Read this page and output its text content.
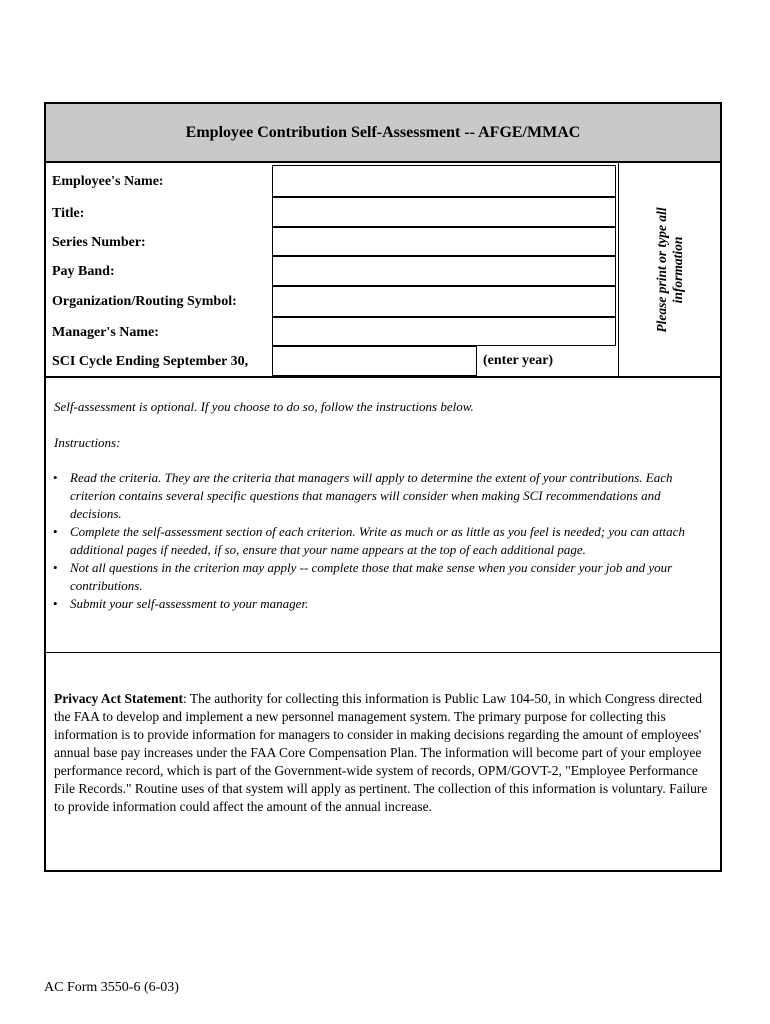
Employee Contribution Self-Assessment -- AFGE/MMAC
Employee's Name:
Title:
Series Number:
Pay Band:
Organization/Routing Symbol:
Manager's Name:
SCI Cycle Ending September 30,	(enter year)
Please print or type all information

Self-assessment is optional. If you choose to do so, follow the instructions below.

Instructions:

• Read the criteria. They are the criteria that managers will apply to determine the extent of your contributions. Each criterion contains several specific questions that managers will consider when making SCI recommendations and decisions.
• Complete the self-assessment section of each criterion. Write as much or as little as you feel is needed; you can attach additional pages if needed, if so, ensure that your name appears at the top of each additional page.
• Not all questions in the criterion may apply -- complete those that make sense when you consider your job and your contributions.
• Submit your self-assessment to your manager.
Privacy Act Statement: The authority for collecting this information is Public Law 104-50, in which Congress directed the FAA to develop and implement a new personnel management system. The primary purpose for collecting this information is to provide information for managers to consider in making decisions regarding the amount of employees' annual base pay increases under the FAA Core Compensation Plan. The information will become part of your employee performance record, which is part of the Government-wide system of records, OPM/GOVT-2, "Employee Performance File Records." Routine uses of that system will apply as pertinent. The collection of this information is voluntary. Failure to provide information could affect the amount of the annual increase.
AC Form 3550-6 (6-03)
